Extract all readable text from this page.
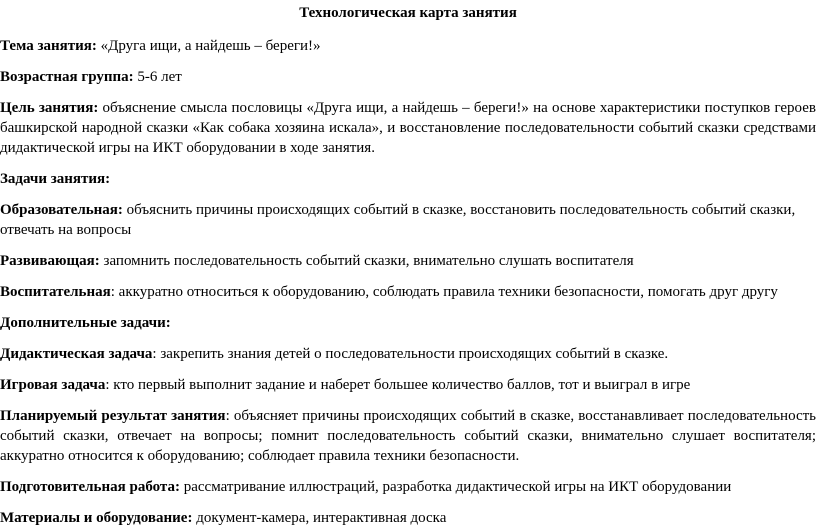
Технологическая карта занятия

Тема занятия: «Друга ищи, а найдешь – береги!»

Возрастная группа: 5-6 лет

Цель занятия: объяснение смысла пословицы «Друга ищи, а найдешь – береги!» на основе характеристики поступков героев башкирской народной сказки «Как собака хозяина искала», и восстановление последовательности событий сказки средствами дидактической игры на ИКТ оборудовании в ходе занятия.

Задачи занятия:

Образовательная: объяснить причины происходящих событий в сказке, восстановить последовательность событий сказки, отвечать на вопросы

Развивающая: запомнить последовательность событий сказки, внимательно слушать воспитателя

Воспитательная: аккуратно относиться к оборудованию, соблюдать правила техники безопасности, помогать друг другу

Дополнительные задачи:

Дидактическая задача: закрепить знания детей о последовательности происходящих событий в сказке.

Игровая задача: кто первый выполнит задание и наберет большее количество баллов, тот и выиграл в игре

Планируемый результат занятия: объясняет причины происходящих событий в сказке, восстанавливает последовательность событий сказки, отвечает на вопросы; помнит последовательность событий сказки, внимательно слушает воспитателя; аккуратно относится к оборудованию; соблюдает правила техники безопасности.

Подготовительная работа: рассматривание иллюстраций, разработка дидактической игры на ИКТ оборудовании

Материалы и оборудование: документ-камера, интерактивная доска
